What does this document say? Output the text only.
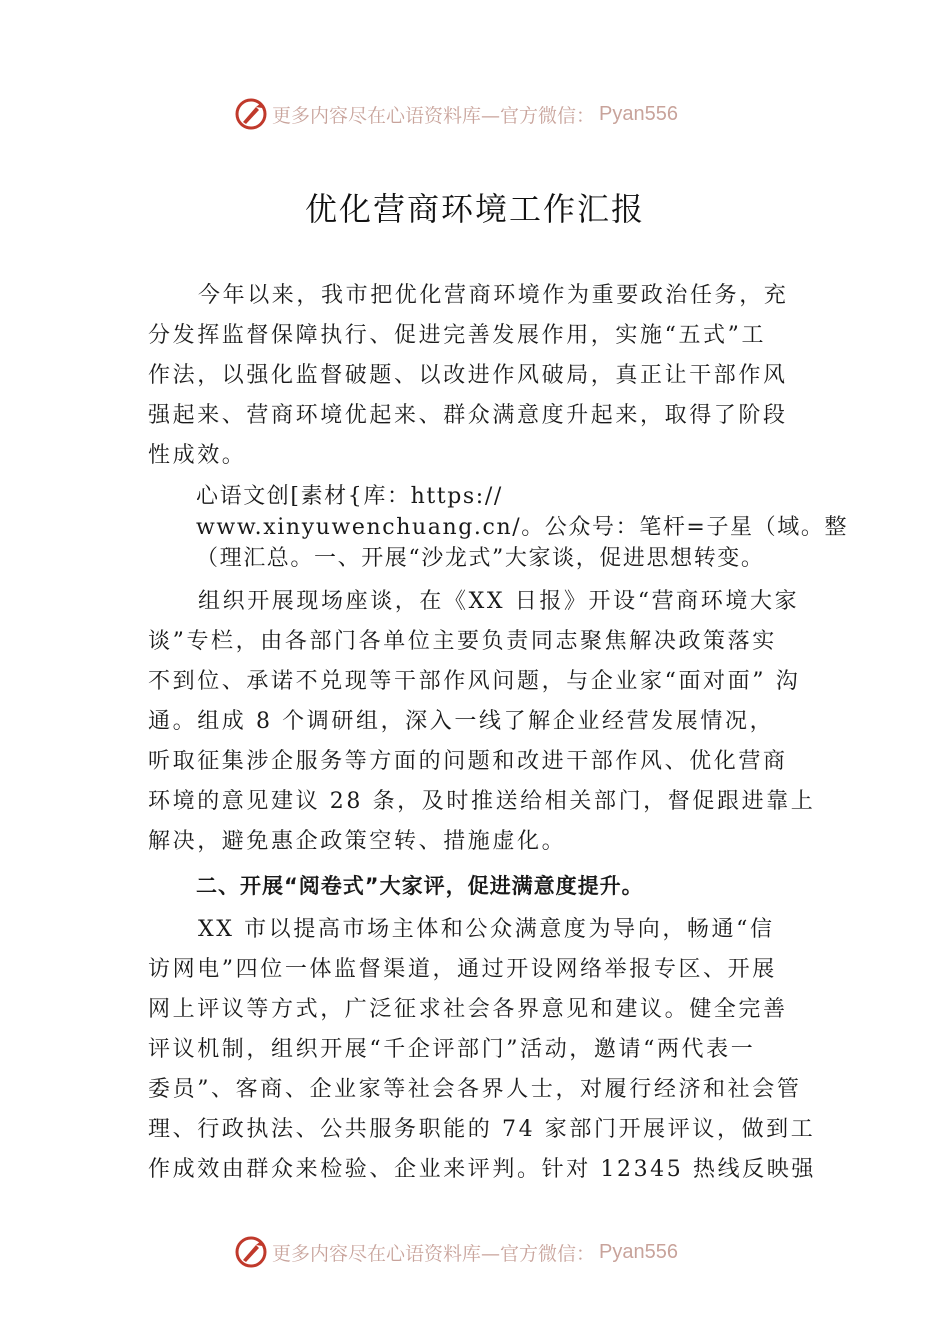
更多内容尽在心语资料库—官方微信： Pyan556
优化营商环境工作汇报
今年以来，我市把优化营商环境作为重要政治任务，充
分发挥监督保障执行、促进完善发展作用，实施“五式”工
作法，以强化监督破题、以改进作风破局，真正让干部作风
强起来、营商环境优起来、群众满意度升起来，取得了阶段
性成效。
心语文创[素材{库：https://
www.xinyuwenchuang.cn/。公众号：笔杆=子星（域。整
（理汇总。一、开展“沙龙式”大家谈，促进思想转变。
组织开展现场座谈，在《XX 日报》开设“营商环境大家
谈”专栏，由各部门各单位主要负责同志聚焦解决政策落实
不到位、承诺不兑现等干部作风问题，与企业家“面对面” 沟
通。组成 8 个调研组，深入一线了解企业经营发展情况，
听取征集涉企服务等方面的问题和改进干部作风、优化营商
环境的意见建议 28 条，及时推送给相关部门，督促跟进靠上
解决，避免惠企政策空转、措施虚化。
二、开展“阅卷式”大家评，促进满意度提升。
XX 市以提高市场主体和公众满意度为导向，畅通“信
访网电”四位一体监督渠道，通过开设网络举报专区、开展
网上评议等方式，广泛征求社会各界意见和建议。健全完善
评议机制，组织开展“千企评部门”活动，邀请“两代表一
委员”、客商、企业家等社会各界人士，对履行经济和社会管
理、行政执法、公共服务职能的 74 家部门开展评议，做到工
作成效由群众来检验、企业来评判。针对 12345 热线反映强
更多内容尽在心语资料库—官方微信： Pyan556
